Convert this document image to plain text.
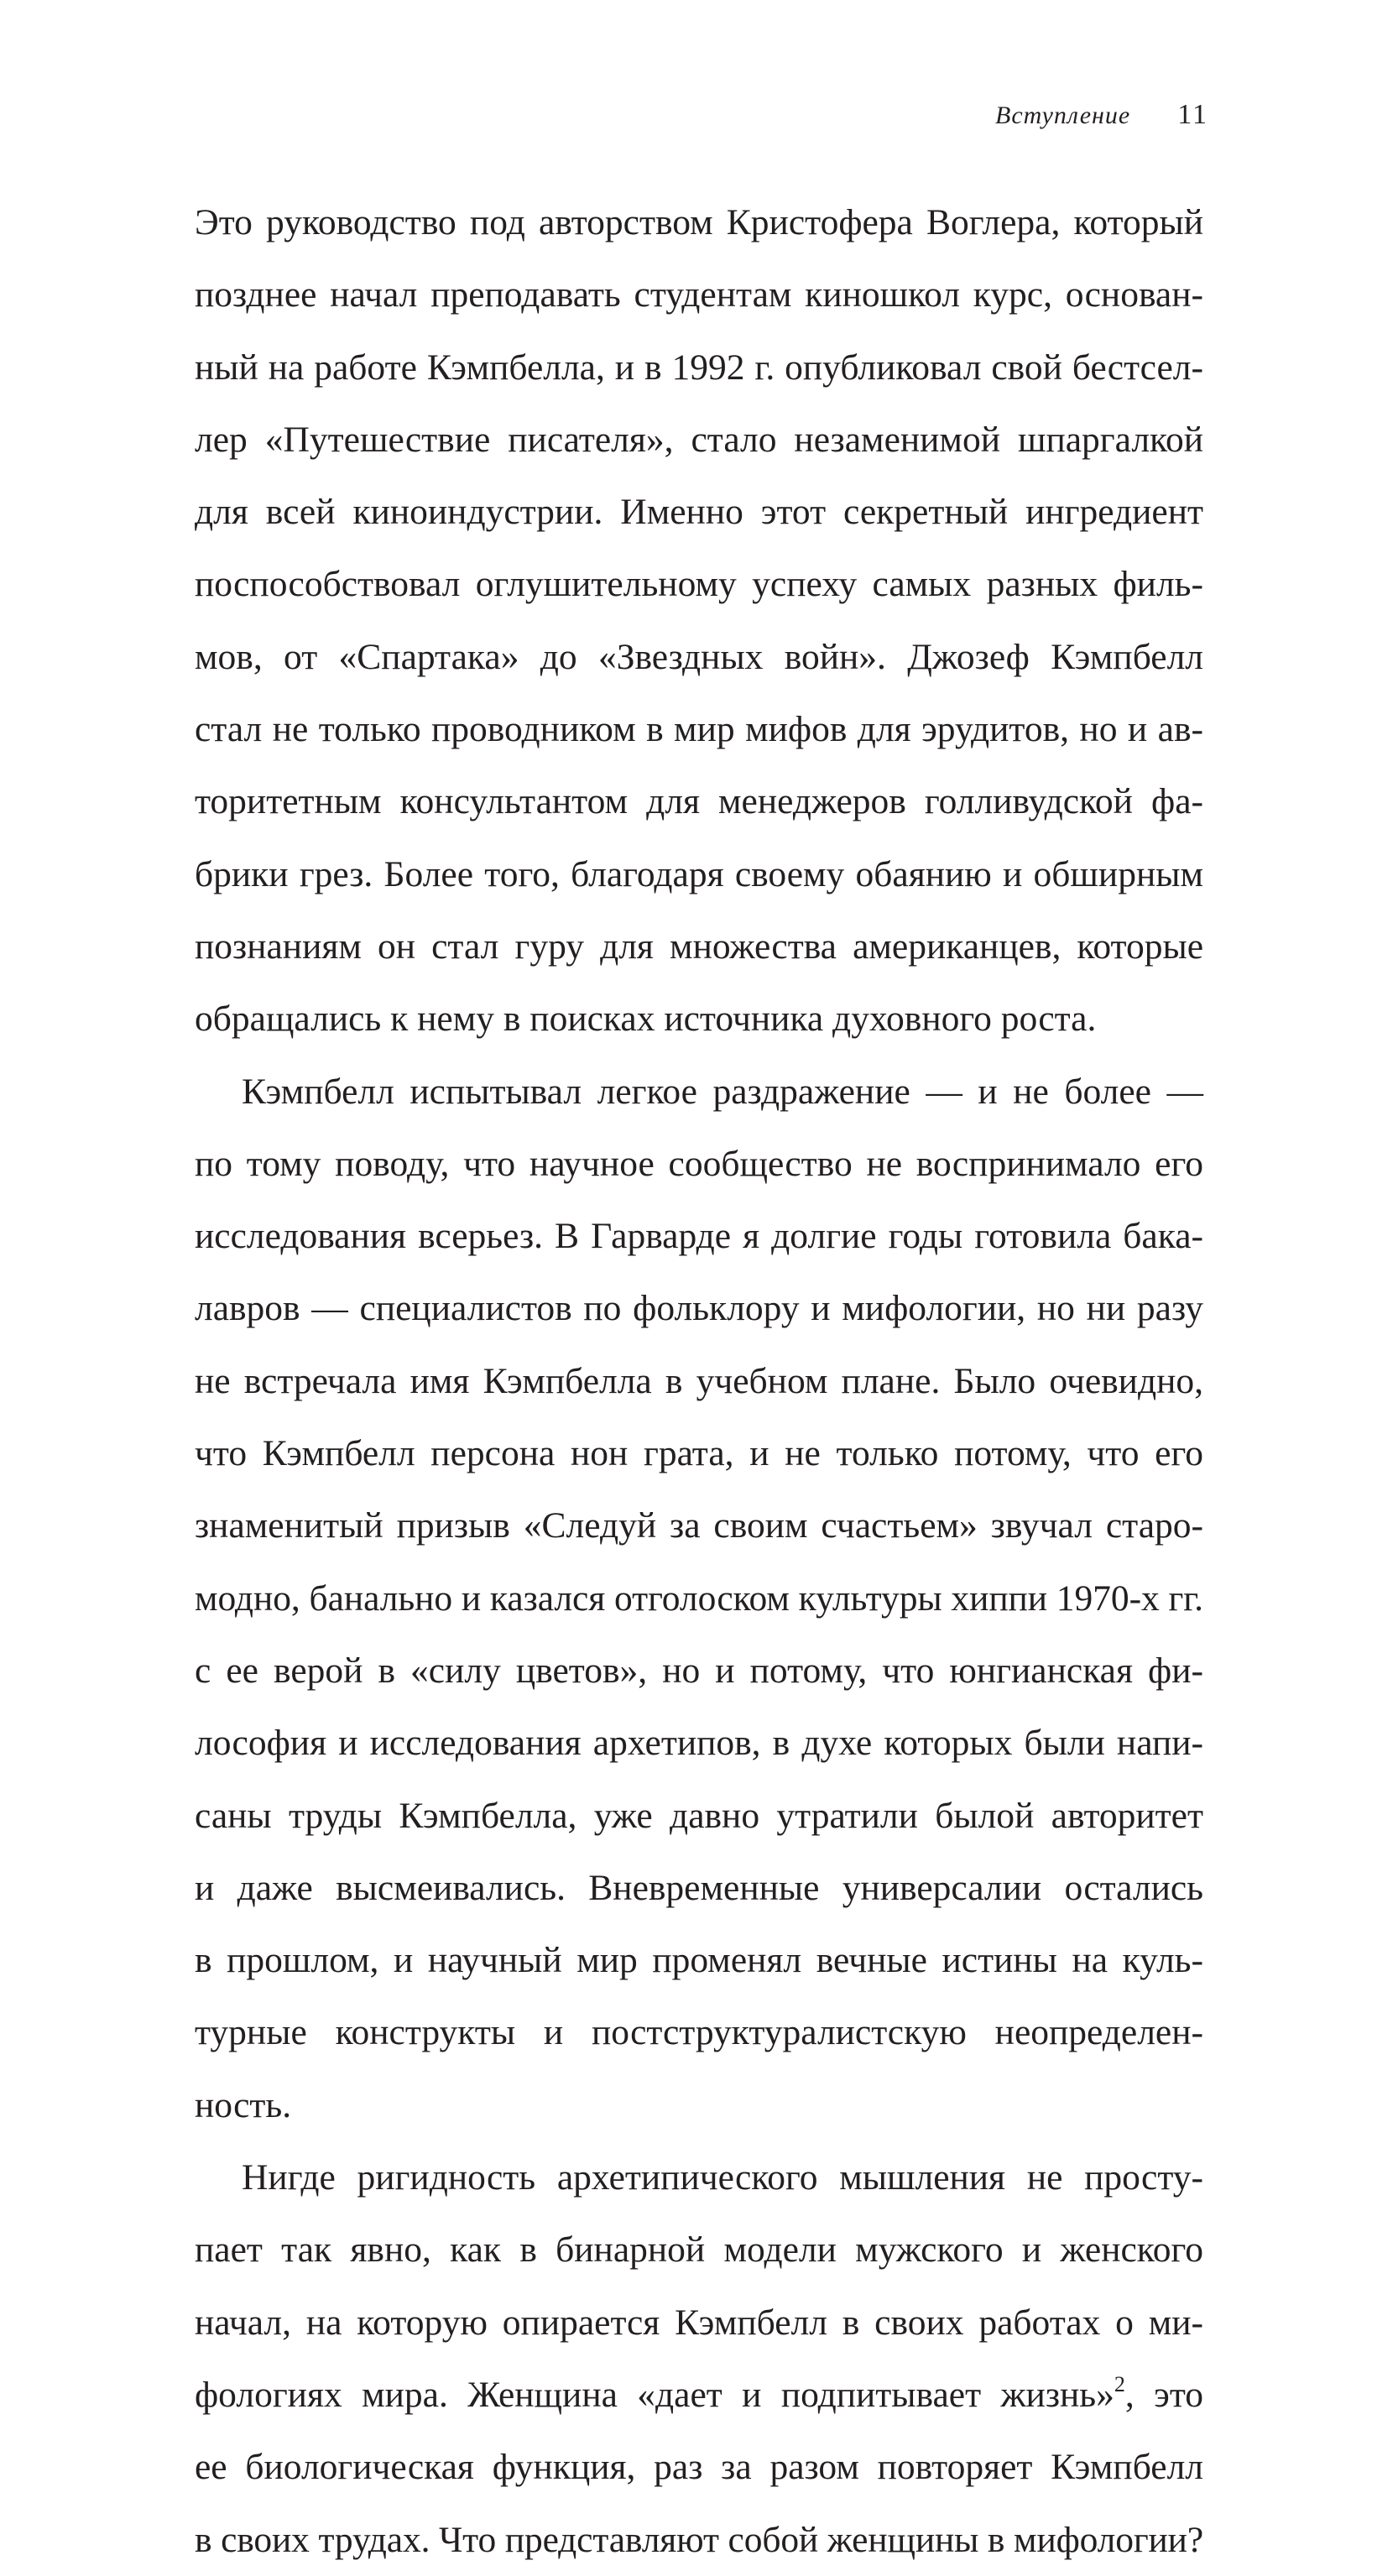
Вступление 11
Это руководство под авторством Кристофера Воглера, который
позднее начал преподавать студентам киношкол курс, основан-
ный на работе Кэмпбелла, и в 1992 г. опубликовал свой бестсел-
лер «Путешествие писателя», стало незаменимой шпаргалкой
для всей киноиндустрии. Именно этот секретный ингредиент
поспособствовал оглушительному успеху самых разных филь-
мов, от «Спартака» до «Звездных войн». Джозеф Кэмпбелл
стал не только проводником в мир мифов для эрудитов, но и ав-
торитетным консультантом для менеджеров голливудской фа-
брики грез. Более того, благодаря своему обаянию и обширным
познаниям он стал гуру для множества американцев, которые
обращались к нему в поисках источника духовного роста.
Кэмпбелл испытывал легкое раздражение — и не более —
по тому поводу, что научное сообщество не воспринимало его
исследования всерьез. В Гарварде я долгие годы готовила бака-
лавров — специалистов по фольклору и мифологии, но ни разу
не встречала имя Кэмпбелла в учебном плане. Было очевидно,
что Кэмпбелл персона нон грата, и не только потому, что его
знаменитый призыв «Следуй за своим счастьем» звучал старо-
модно, банально и казался отголоском культуры хиппи 1970-х гг.
с ее верой в «силу цветов», но и потому, что юнгианская фи-
лософия и исследования архетипов, в духе которых были напи-
саны труды Кэмпбелла, уже давно утратили былой авторитет
и даже высмеивались. Вневременные универсалии остались
в прошлом, и научный мир променял вечные истины на куль-
турные конструкты и постструктуралистскую неопределен-
ность.
Нигде ригидность архетипического мышления не просту-
пает так явно, как в бинарной модели мужского и женского
начал, на которую опирается Кэмпбелл в своих работах о ми-
фологиях мира. Женщина «дает и подпитывает жизнь»$^2$, это
ее биологическая функция, раз за разом повторяет Кэмпбелл
в своих трудах. Что представляют собой женщины в мифологии?
